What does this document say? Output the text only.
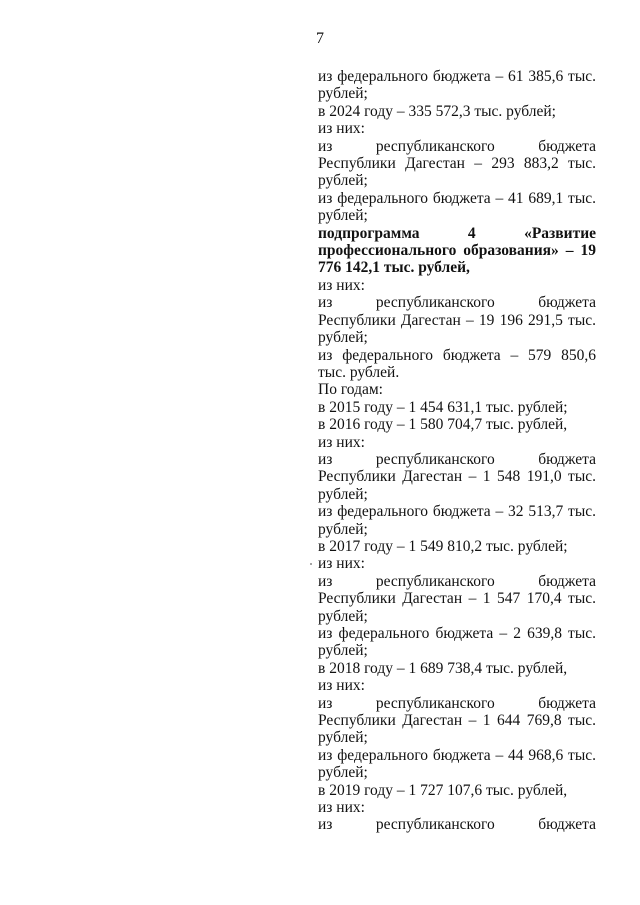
7
из федерального бюджета – 61 385,6 тыс. рублей;
в 2024 году – 335 572,3 тыс. рублей;
из них:
из республиканского бюджета
Республики Дагестан – 293 883,2 тыс. рублей;
из федерального бюджета – 41 689,1 тыс. рублей;
подпрограмма 4 «Развитие профессионального образования» – 19 776 142,1 тыс. рублей,
из них:
из республиканского бюджета
Республики Дагестан – 19 196 291,5 тыс. рублей;
из федерального бюджета – 579 850,6 тыс. рублей.
По годам:
в 2015 году – 1 454 631,1 тыс. рублей;
в 2016 году – 1 580 704,7 тыс. рублей,
из них:
из республиканского бюджета
Республики Дагестан – 1 548 191,0 тыс. рублей;
из федерального бюджета – 32 513,7 тыс. рублей;
в 2017 году – 1 549 810,2 тыс. рублей;
из них:
из республиканского бюджета
Республики Дагестан – 1 547 170,4 тыс. рублей;
из федерального бюджета – 2 639,8 тыс. рублей;
в 2018 году – 1 689 738,4 тыс. рублей,
из них:
из республиканского бюджета
Республики Дагестан – 1 644 769,8 тыс. рублей;
из федерального бюджета – 44 968,6 тыс. рублей;
в 2019 году – 1 727 107,6 тыс. рублей,
из них:
из республиканского бюджета
